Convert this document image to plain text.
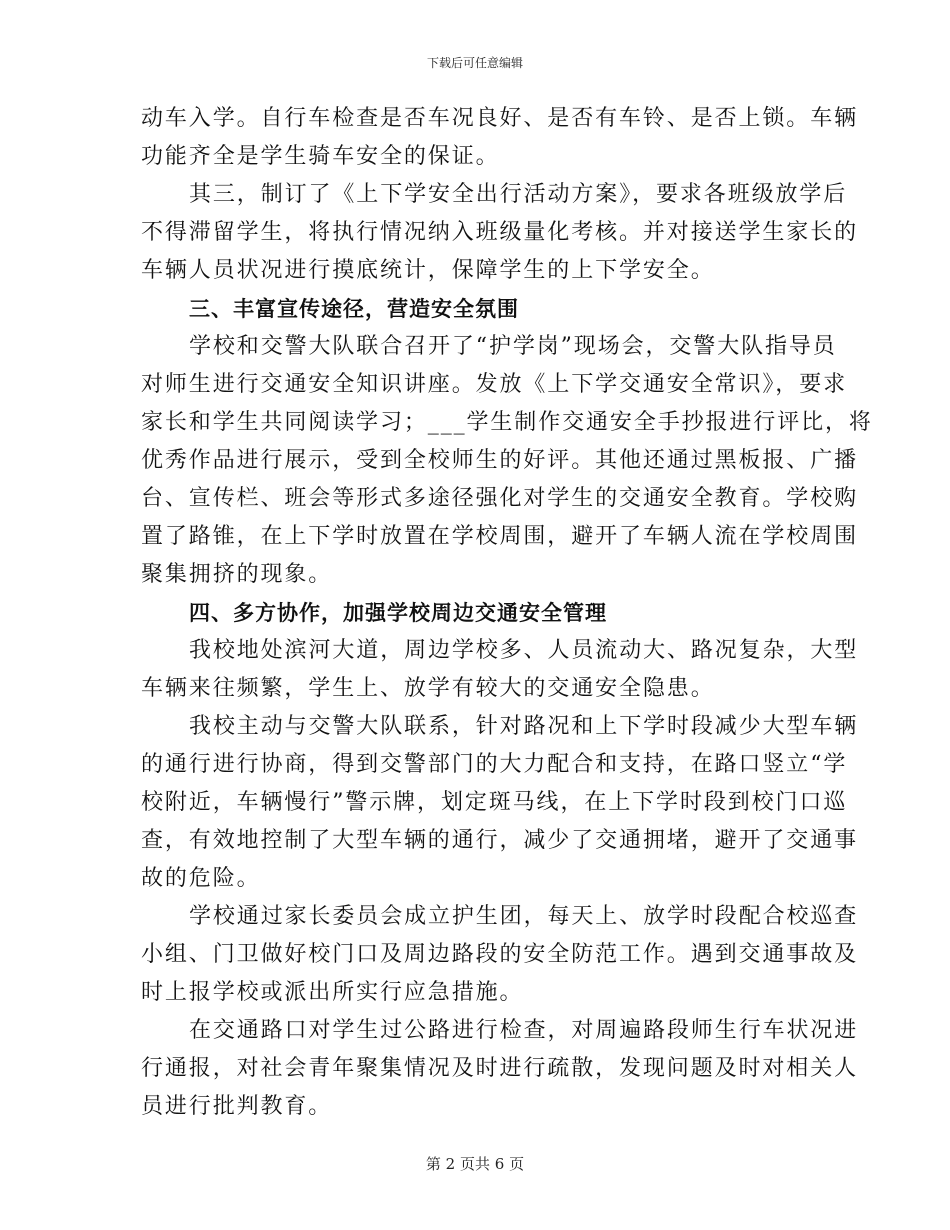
下载后可任意编辑
动车入学。自行车检查是否车况良好、是否有车铃、是否上锁。车辆
功能齐全是学生骑车安全的保证。
其三，制订了《上下学安全出行活动方案》，要求各班级放学后
不得滞留学生，将执行情况纳入班级量化考核。并对接送学生家长的
车辆人员状况进行摸底统计，保障学生的上下学安全。
三、丰富宣传途径，营造安全氛围
学校和交警大队联合召开了“护学岗”现场会，交警大队指导员
对师生进行交通安全知识讲座。发放《上下学交通安全常识》，要求
家长和学生共同阅读学习；___学生制作交通安全手抄报进行评比，将
优秀作品进行展示，受到全校师生的好评。其他还通过黑板报、广播
台、宣传栏、班会等形式多途径强化对学生的交通安全教育。学校购
置了路锥，在上下学时放置在学校周围，避开了车辆人流在学校周围
聚集拥挤的现象。
四、多方协作，加强学校周边交通安全管理
我校地处滨河大道，周边学校多、人员流动大、路况复杂，大型
车辆来往频繁，学生上、放学有较大的交通安全隐患。
我校主动与交警大队联系，针对路况和上下学时段减少大型车辆
的通行进行协商，得到交警部门的大力配合和支持，在路口竖立“学
校附近，车辆慢行”警示牌，划定斑马线，在上下学时段到校门口巡
查，有效地控制了大型车辆的通行，减少了交通拥堵，避开了交通事
故的危险。
学校通过家长委员会成立护生团，每天上、放学时段配合校巡查
小组、门卫做好校门口及周边路段的安全防范工作。遇到交通事故及
时上报学校或派出所实行应急措施。
在交通路口对学生过公路进行检查，对周遍路段师生行车状况进
行通报，对社会青年聚集情况及时进行疏散，发现问题及时对相关人
员进行批判教育。
第 2 页共 6 页
